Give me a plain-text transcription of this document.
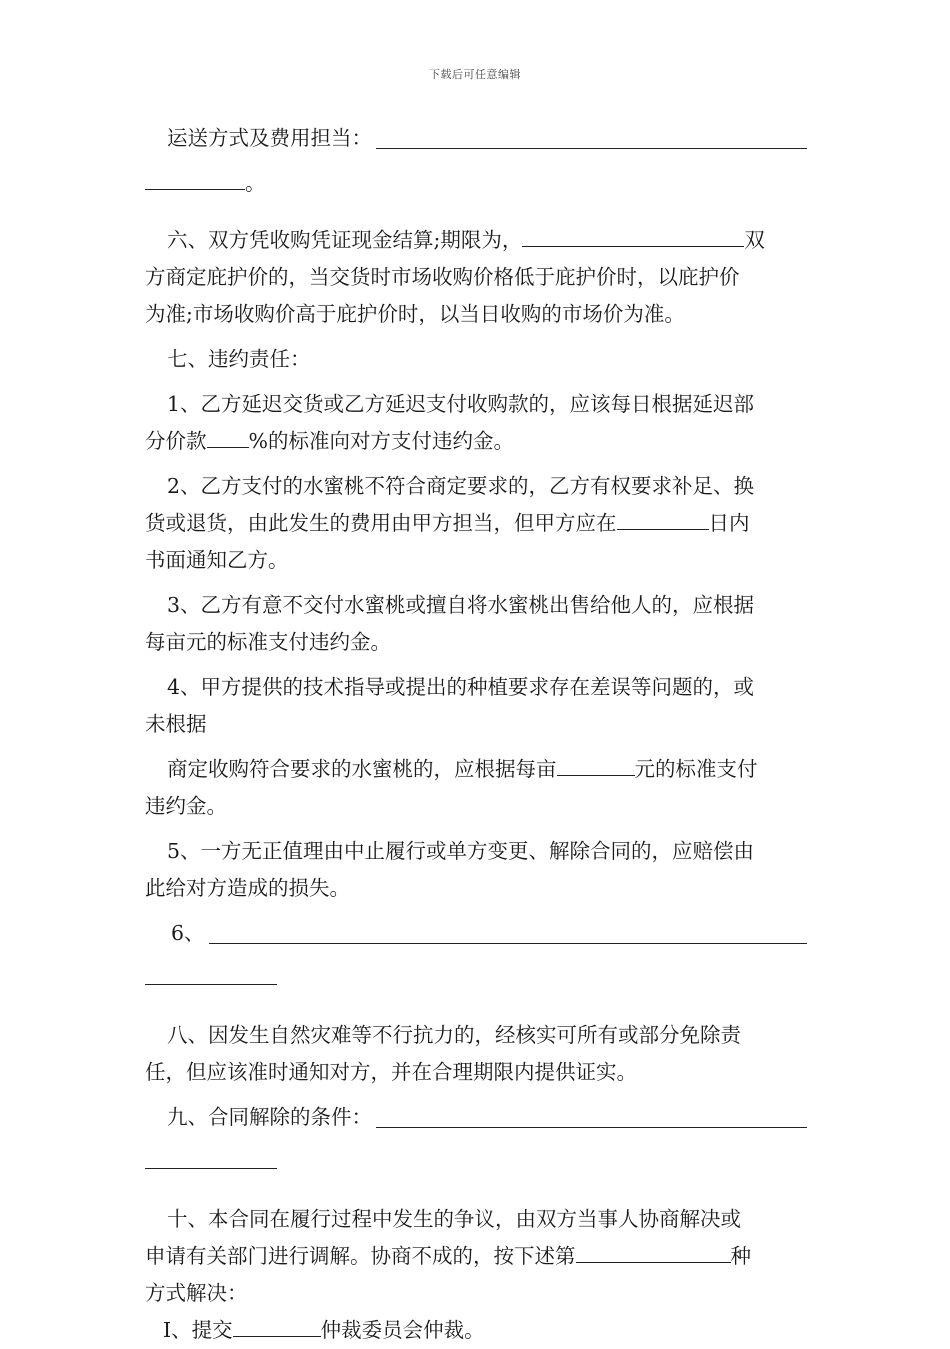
下载后可任意编辑
运送方式及费用担当：
。
六、双方凭收购凭证现金结算;期限为，	双
方商定庇护价的，当交货时市场收购价格低于庇护价时，以庇护价
为准;市场收购价高于庇护价时，以当日收购的市场价为准。
七、违约责任：
1、乙方延迟交货或乙方延迟支付收购款的，应该每日根据延迟部
分价款 %的标准向对方支付违约金。
2、乙方支付的水蜜桃不符合商定要求的，乙方有权要求补足、换
货或退货，由此发生的费用由甲方担当，但甲方应在	日内
书面通知乙方。
3、乙方有意不交付水蜜桃或擅自将水蜜桃出售给他人的，应根据
每亩元的标准支付违约金。
4、甲方提供的技术指导或提出的种植要求存在差误等问题的，或
未根据
商定收购符合要求的水蜜桃的，应根据每亩	元的标准支付
违约金。
5、一方无正值理由中止履行或单方变更、解除合同的，应赔偿由
此给对方造成的损失。
6、
八、因发生自然灾难等不行抗力的，经核实可所有或部分免除责
任，但应该准时通知对方，并在合理期限内提供证实。
九、合同解除的条件：
十、本合同在履行过程中发生的争议，由双方当事人协商解决或
申请有关部门进行调解。协商不成的，按下述第	种
方式解决：
Ⅰ、提交	仲裁委员会仲裁。
